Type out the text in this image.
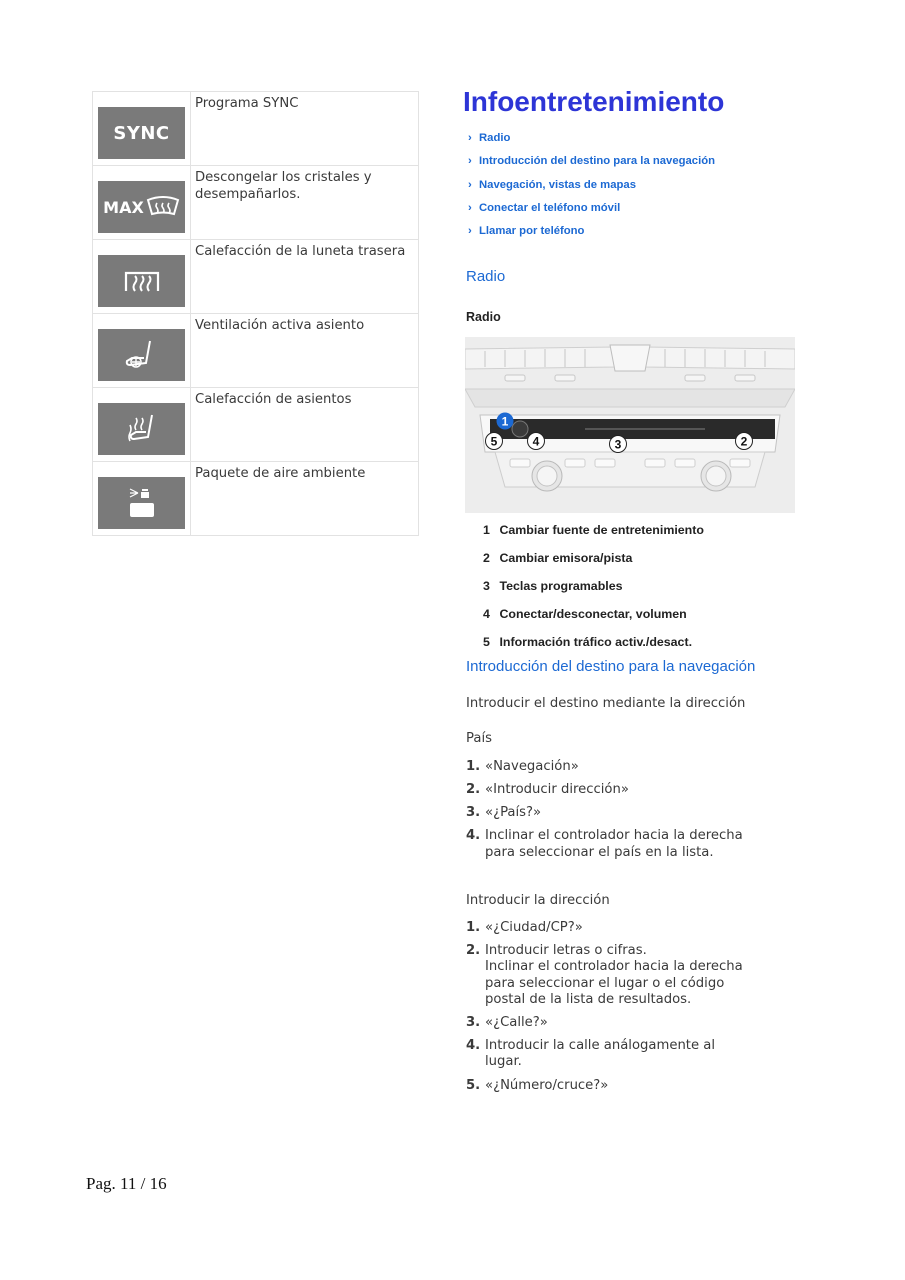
SYNC	Programa SYNC

MAX	Descongelar los cristales y desempañarlos.

	Calefacción de la luneta trasera

	Ventilación activa asiento

	Calefacción de asientos

	Paquete de aire ambiente
Infoentretenimiento
› Radio
› Introducción del destino para la navegación
› Navegación, vistas de mapas
› Conectar el teléfono móvil
› Llamar por teléfono
Radio
Radio
1
5	4	3	2
1 Cambiar fuente de entretenimiento
2 Cambiar emisora/pista
3 Teclas programables
4 Conectar/desconectar, volumen
5 Información tráfico activ./desact.
Introducción del destino para la navegación
Introducir el destino mediante la dirección
País
1. «Navegación»
2. «Introducir dirección»
3. «¿País?»
4. Inclinar el controlador hacia la derecha
para seleccionar el país en la lista.
Introducir la dirección
1. «¿Ciudad/CP?»
2. Introducir letras o cifras.
Inclinar el controlador hacia la derecha
para seleccionar el lugar o el código
postal de la lista de resultados.
3. «¿Calle?»
4. Introducir la calle análogamente al
lugar.
5. «¿Número/cruce?»
Pag. 11 / 16
